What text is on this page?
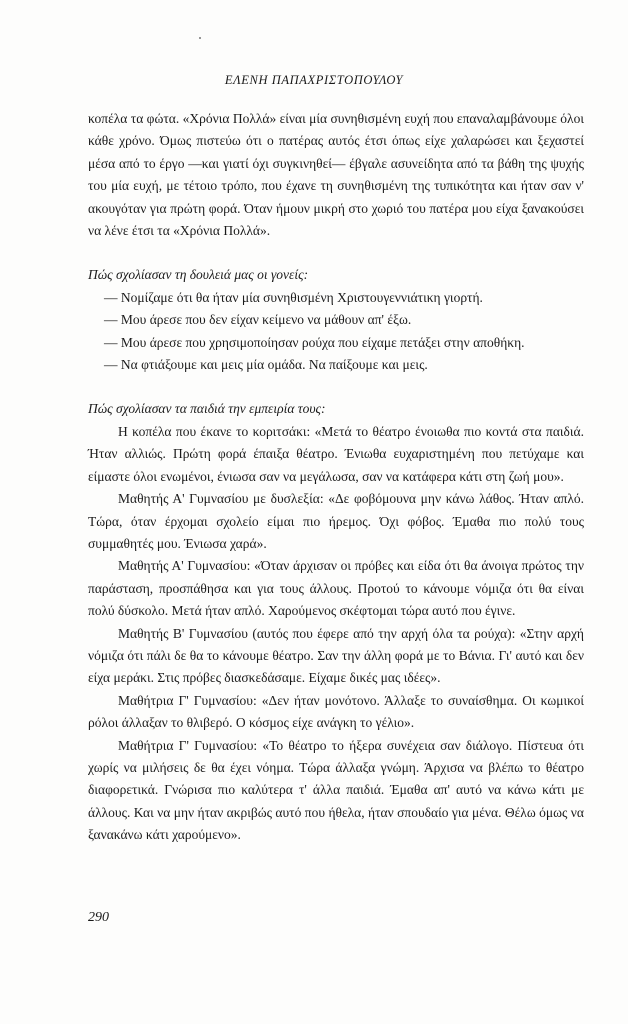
ΕΛΕΝΗ ΠΑΠΑΧΡΙΣΤΟΠΟΥΛΟΥ

κοπέλα τα φώτα. «Χρόνια Πολλά» είναι μία συνηθισμένη ευχή που επαναλαμβάνουμε όλοι κάθε χρόνο. Όμως πιστεύω ότι ο πατέρας αυτός έτσι όπως είχε χαλαρώσει και ξεχαστεί μέσα από το έργο —και γιατί όχι συγκινηθεί— έβγαλε ασυνείδητα από τα βάθη της ψυχής του μία ευχή, με τέτοιο τρόπο, που έχανε τη συνηθισμένη της τυπικότητα και ήταν σαν ν' ακουγόταν για πρώτη φορά. Όταν ήμουν μικρή στο χωριό του πατέρα μου είχα ξανακούσει να λένε έτσι τα «Χρόνια Πολλά».

Πώς σχολίασαν τη δουλειά μας οι γονείς:

— Νομίζαμε ότι θα ήταν μία συνηθισμένη Χριστουγεννιάτικη γιορτή.

— Μου άρεσε που δεν είχαν κείμενο να μάθουν απ' έξω.

— Μου άρεσε που χρησιμοποίησαν ρούχα που είχαμε πετάξει στην αποθήκη.

— Να φτιάξουμε και μεις μία ομάδα. Να παίξουμε και μεις.

Πώς σχολίασαν τα παιδιά την εμπειρία τους:

Η κοπέλα που έκανε το κοριτσάκι: «Μετά το θέατρο ένοιωθα πιο κοντά στα παιδιά. Ήταν αλλιώς. Πρώτη φορά έπαιξα θέατρο. Ένιωθα ευχαριστημένη που πετύχαμε και είμαστε όλοι ενωμένοι, ένιωσα σαν να μεγάλωσα, σαν να κατάφερα κάτι στη ζωή μου».

Μαθητής Α' Γυμνασίου με δυσλεξία: «Δε φοβόμουνα μην κάνω λάθος. Ήταν απλό. Τώρα, όταν έρχομαι σχολείο είμαι πιο ήρεμος. Όχι φόβος. Έμαθα πιο πολύ τους συμμαθητές μου. Ένιωσα χαρά».

Μαθητής Α' Γυμνασίου: «Όταν άρχισαν οι πρόβες και είδα ότι θα άνοιγα πρώτος την παράσταση, προσπάθησα και για τους άλλους. Προτού το κάνουμε νόμιζα ότι θα είναι πολύ δύσκολο. Μετά ήταν απλό. Χαρούμενος σκέφτομαι τώρα αυτό που έγινε.

Μαθητής Β' Γυμνασίου (αυτός που έφερε από την αρχή όλα τα ρούχα): «Στην αρχή νόμιζα ότι πάλι δε θα το κάνουμε θέατρο. Σαν την άλλη φορά με το Βάνια. Γι' αυτό και δεν είχα μεράκι. Στις πρόβες διασκεδάσαμε. Είχαμε δικές μας ιδέες».

Μαθήτρια Γ' Γυμνασίου: «Δεν ήταν μονότονο. Άλλαξε το συναίσθημα. Οι κωμικοί ρόλοι άλλαξαν το θλιβερό. Ο κόσμος είχε ανάγκη το γέλιο».

Μαθήτρια Γ' Γυμνασίου: «Το θέατρο το ήξερα συνέχεια σαν διάλογο. Πίστευα ότι χωρίς να μιλήσεις δε θα έχει νόημα. Τώρα άλλαξα γνώμη. Άρχισα να βλέπω το θέατρο διαφορετικά. Γνώρισα πιο καλύτερα τ' άλλα παιδιά. Έμαθα απ' αυτό να κάνω κάτι με άλλους. Και να μην ήταν ακριβώς αυτό που ήθελα, ήταν σπουδαίο για μένα. Θέλω όμως να ξανακάνω κάτι χαρούμενο».

290
